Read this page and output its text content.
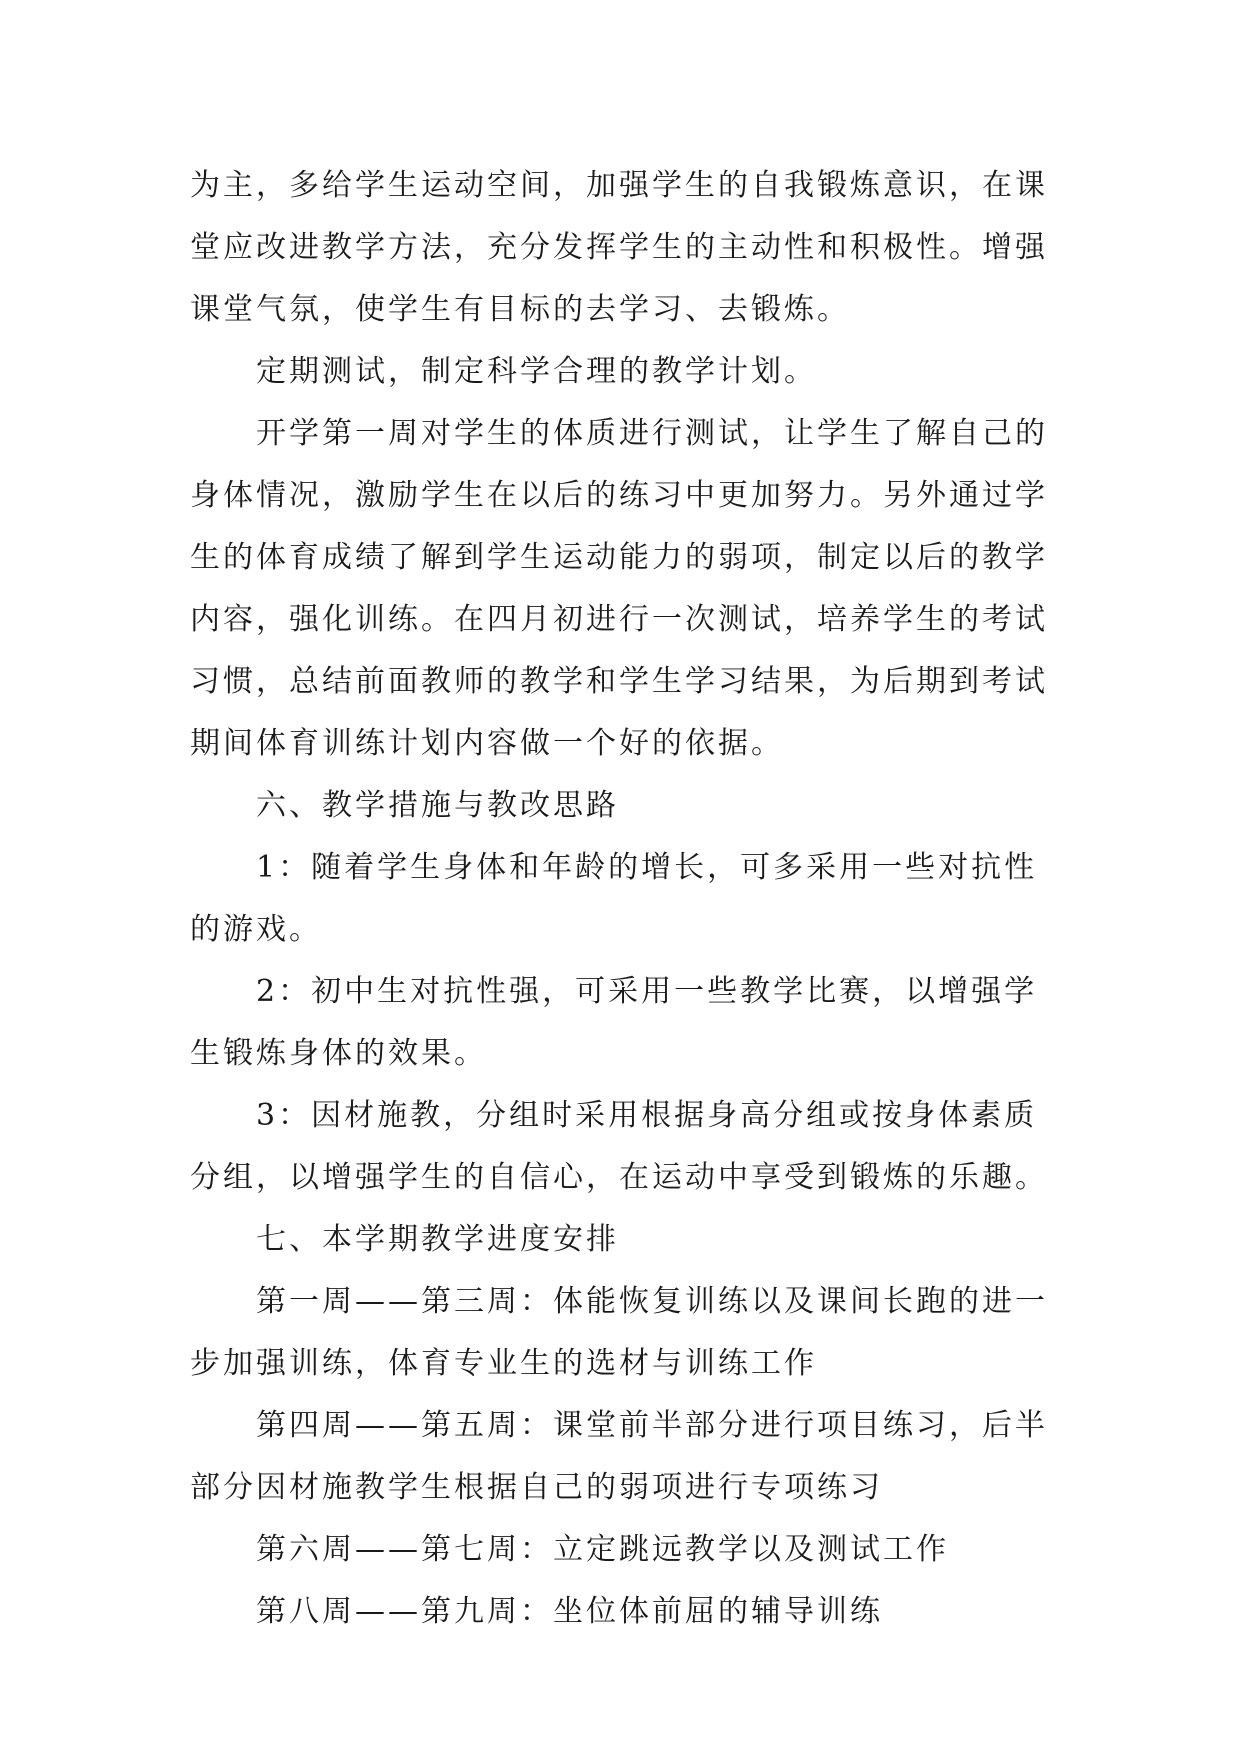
为主，多给学生运动空间，加强学生的自我锻炼意识，在课
堂应改进教学方法，充分发挥学生的主动性和积极性。增强
课堂气氛，使学生有目标的去学习、去锻炼。
定期测试，制定科学合理的教学计划。
开学第一周对学生的体质进行测试，让学生了解自己的
身体情况，激励学生在以后的练习中更加努力。另外通过学
生的体育成绩了解到学生运动能力的弱项，制定以后的教学
内容，强化训练。在四月初进行一次测试，培养学生的考试
习惯，总结前面教师的教学和学生学习结果，为后期到考试
期间体育训练计划内容做一个好的依据。
六、教学措施与教改思路
1：随着学生身体和年龄的增长，可多采用一些对抗性
的游戏。
2：初中生对抗性强，可采用一些教学比赛，以增强学
生锻炼身体的效果。
3：因材施教，分组时采用根据身高分组或按身体素质
分组，以增强学生的自信心，在运动中享受到锻炼的乐趣。
七、本学期教学进度安排
第一周——第三周：体能恢复训练以及课间长跑的进一
步加强训练，体育专业生的选材与训练工作
第四周——第五周：课堂前半部分进行项目练习，后半
部分因材施教学生根据自己的弱项进行专项练习
第六周——第七周：立定跳远教学以及测试工作
第八周——第九周：坐位体前屈的辅导训练
